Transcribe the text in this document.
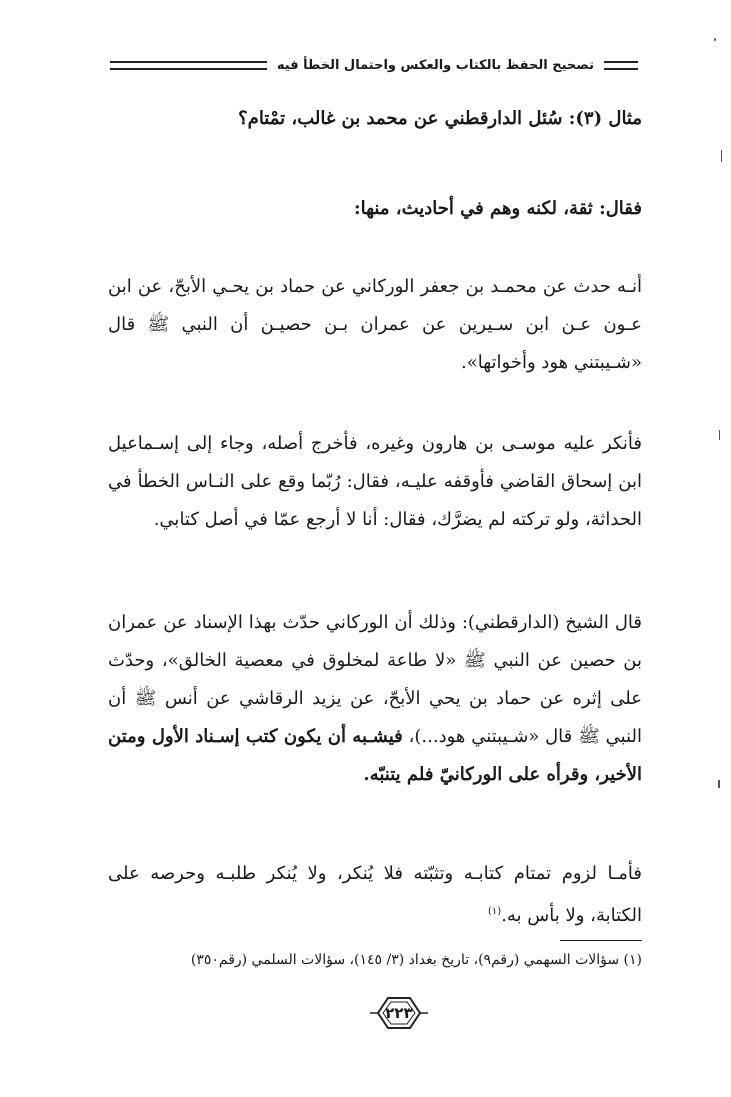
تصحيح الحفظ بالكتاب والعكس واحتمال الخطأ فيه
مثال (٣): سُئل الدارقطني عن محمد بن غالب، تمْتام؟
فقال: ثقة، لكنه وهم في أحاديث، منها:
أنـه حدث عن محمـد بن جعفر الوركاني عن حماد بن يحـي الأبحّ، عن ابن عـون عـن ابن سـيرين عن عمران بـن حصيـن أن النبي ﷺ قال «شـيبتني هود وأخواتها».
فأنكر عليه موسـى بن هارون وغيره، فأخرج أصله، وجاء إلى إسـماعيل ابن إسحاق القاضي فأوقفه عليـه، فقال: رُبّما وقع على النـاس الخطأ في الحداثة، ولو تركته لم يضرَّك، فقال: أنا لا أرجع عمّا في أصل كتابي.
قال الشيخ (الدارقطني): وذلك أن الوركاني حدّث بهذا الإسناد عن عمران بن حصين عن النبي ﷺ «لا طاعة لمخلوق في معصية الخالق»، وحدّث على إثره عن حماد بن يحي الأبحّ، عن يزيد الرقاشي عن أنس ﷺ أن النبي ﷺ قال «شـيبتني هود...)، فيشـبه أن يكون كتب إسـناد الأول ومتن الأخير، وقرأه على الوركانيّ فلم يتنبّه.
فأمـا لزوم تمتام كتابـه وتثبّته فلا يُنكر، ولا يُنكر طلبـه وحرصه على الكتابة، ولا بأس به.$^{(١)}$
(١) سؤالات السهمي (رقم٩)، تاريخ بغداد (٣/ ١٤٥)، سؤالات السلمي (رقم٣٥٠)
٢٢٣
